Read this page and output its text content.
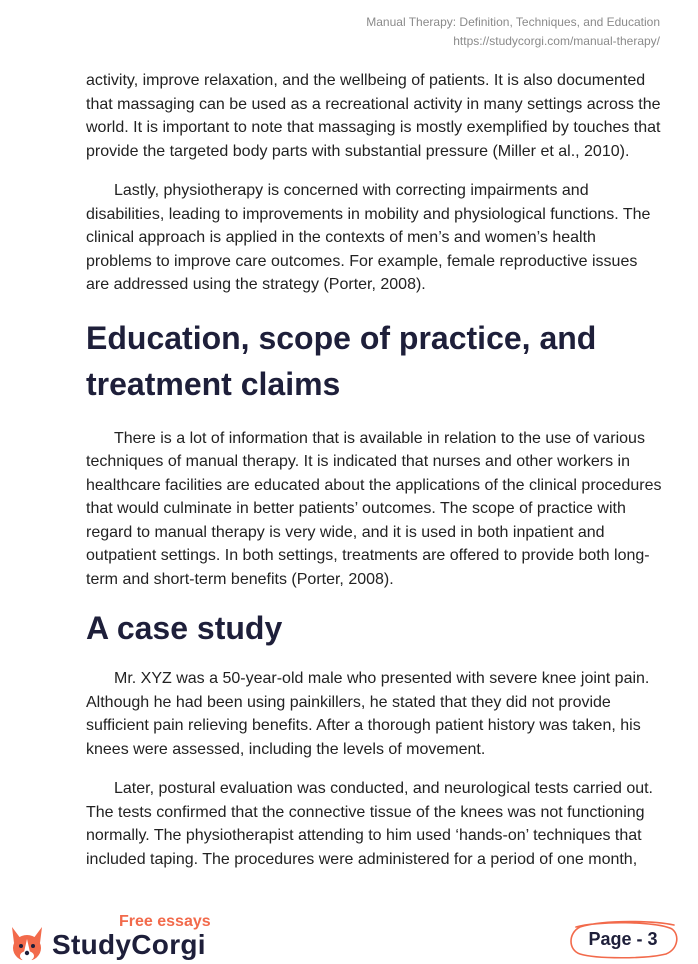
Manual Therapy: Definition, Techniques, and Education
https://studycorgi.com/manual-therapy/

activity, improve relaxation, and the wellbeing of patients. It is also documented that massaging can be used as a recreational activity in many settings across the world. It is important to note that massaging is mostly exemplified by touches that provide the targeted body parts with substantial pressure (Miller et al., 2010).

Lastly, physiotherapy is concerned with correcting impairments and disabilities, leading to improvements in mobility and physiological functions. The clinical approach is applied in the contexts of men’s and women’s health problems to improve care outcomes. For example, female reproductive issues are addressed using the strategy (Porter, 2008).

Education, scope of practice, and treatment claims

There is a lot of information that is available in relation to the use of various techniques of manual therapy. It is indicated that nurses and other workers in healthcare facilities are educated about the applications of the clinical procedures that would culminate in better patients’ outcomes. The scope of practice with regard to manual therapy is very wide, and it is used in both inpatient and outpatient settings. In both settings, treatments are offered to provide both long-term and short-term benefits (Porter, 2008).

A case study

Mr. XYZ was a 50-year-old male who presented with severe knee joint pain. Although he had been using painkillers, he stated that they did not provide sufficient pain relieving benefits. After a thorough patient history was taken, his knees were assessed, including the levels of movement.

Later, postural evaluation was conducted, and neurological tests carried out. The tests confirmed that the connective tissue of the knees was not functioning normally. The physiotherapist attending to him used ‘hands-on’ techniques that included taping. The procedures were administered for a period of one month,

Free essays
StudyCorgi	Page - 3
